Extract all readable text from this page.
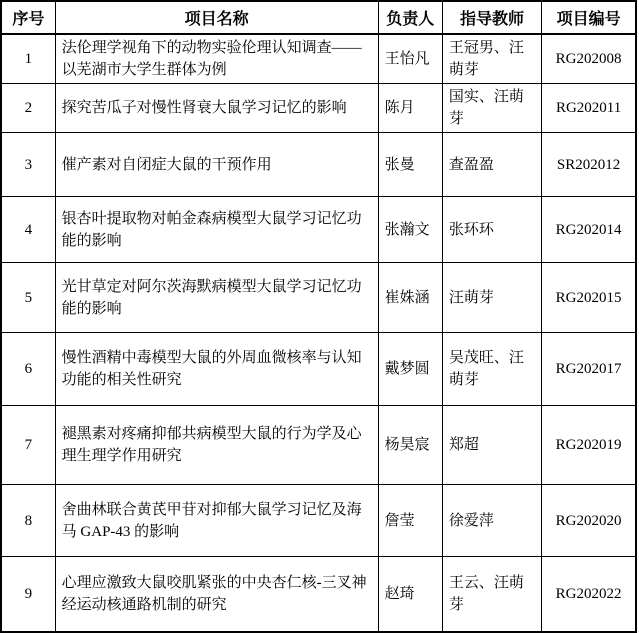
序号	项目名称	负责人	指导教师	项目编号
1	法伦理学视角下的动物实验伦理认知调查——以芜湖市大学生群体为例	王怡凡	王冠男、汪萌芽	RG202008
2	探究苦瓜子对慢性肾衰大鼠学习记忆的影响	陈月	国实、汪萌芽	RG202011
3	催产素对自闭症大鼠的干预作用	张曼	查盈盈	SR202012
4	银杏叶提取物对帕金森病模型大鼠学习记忆功能的影响	张瀚文	张环环	RG202014
5	光甘草定对阿尔茨海默病模型大鼠学习记忆功能的影响	崔姝涵	汪萌芽	RG202015
6	慢性酒精中毒模型大鼠的外周血微核率与认知功能的相关性研究	戴梦圆	吴茂旺、汪萌芽	RG202017
7	褪黑素对疼痛抑郁共病模型大鼠的行为学及心理生理学作用研究	杨昊宸	郑超	RG202019
8	舍曲林联合黄芪甲苷对抑郁大鼠学习记忆及海马 GAP-43 的影响	詹莹	徐爱萍	RG202020
9	心理应激致大鼠咬肌紧张的中央杏仁核-三叉神经运动核通路机制的研究	赵琦	王云、汪萌芽	RG202022
